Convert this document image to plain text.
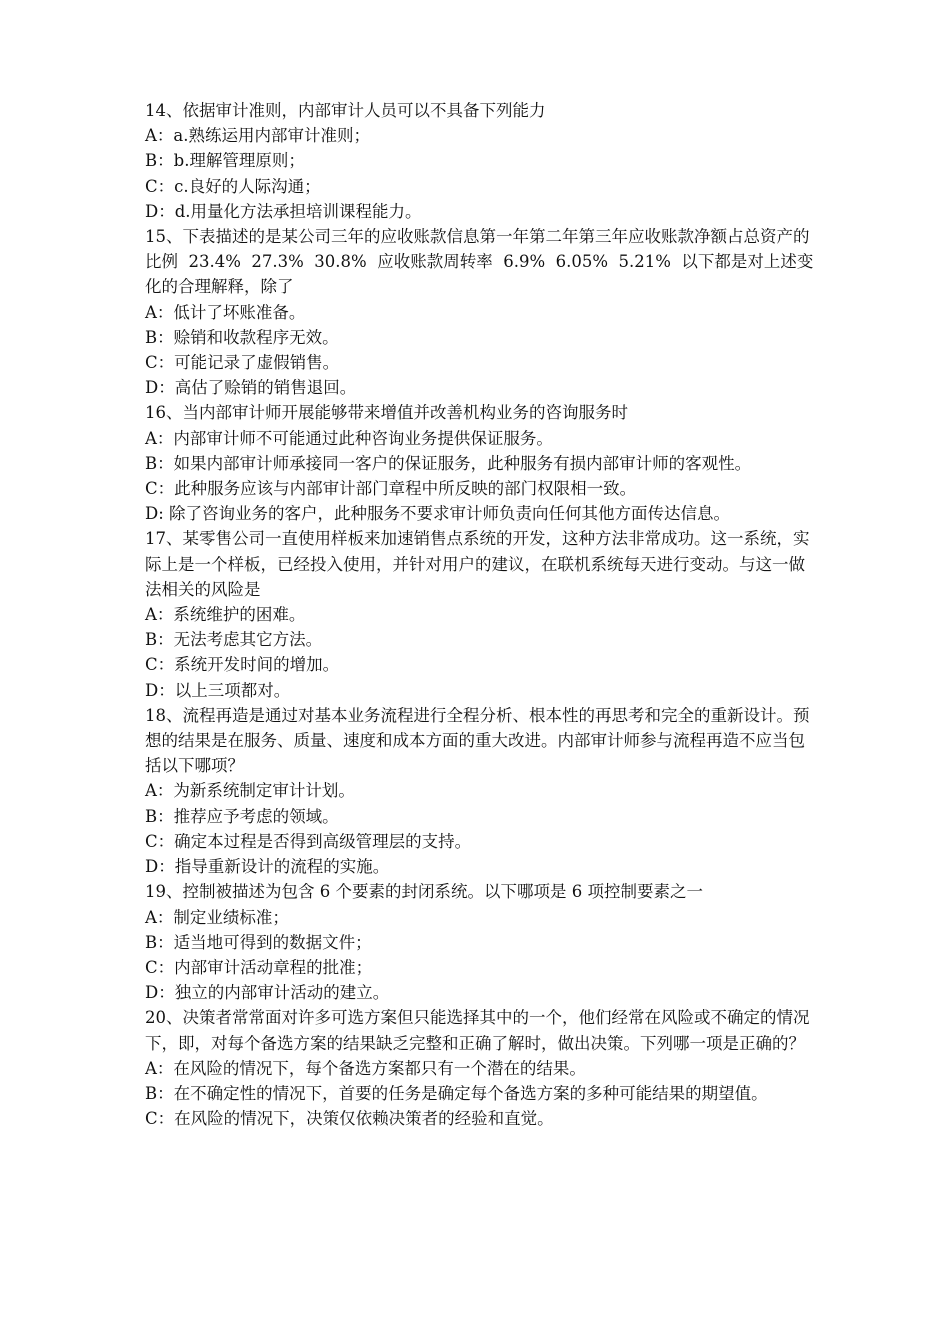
14、依据审计准则，内部审计人员可以不具备下列能力

A：a.熟练运用内部审计准则；

B：b.理解管理原则；

C：c.良好的人际沟通；

D：d.用量化方法承担培训课程能力。

15、下表描述的是某公司三年的应收账款信息第一年第二年第三年应收账款净额占总资产的比例  23.4%  27.3%  30.8%  应收账款周转率  6.9%  6.05%  5.21%  以下都是对上述变化的合理解释，除了

A：低计了坏账准备。

B：赊销和收款程序无效。

C：可能记录了虚假销售。

D：高估了赊销的销售退回。

16、当内部审计师开展能够带来增值并改善机构业务的咨询服务时

A：内部审计师不可能通过此种咨询业务提供保证服务。

B：如果内部审计师承接同一客户的保证服务，此种服务有损内部审计师的客观性。

C：此种服务应该与内部审计部门章程中所反映的部门权限相一致。

D: 除了咨询业务的客户，此种服务不要求审计师负责向任何其他方面传达信息。

17、某零售公司一直使用样板来加速销售点系统的开发，这种方法非常成功。这一系统，实际上是一个样板，已经投入使用，并针对用户的建议，在联机系统每天进行变动。与这一做法相关的风险是

A：系统维护的困难。

B：无法考虑其它方法。

C：系统开发时间的增加。

D：以上三项都对。

18、流程再造是通过对基本业务流程进行全程分析、根本性的再思考和完全的重新设计。预想的结果是在服务、质量、速度和成本方面的重大改进。内部审计师参与流程再造不应当包括以下哪项？

A：为新系统制定审计计划。

B：推荐应予考虑的领域。

C：确定本过程是否得到高级管理层的支持。

D：指导重新设计的流程的实施。

19、控制被描述为包含 6 个要素的封闭系统。以下哪项是 6 项控制要素之一

A：制定业绩标准；

B：适当地可得到的数据文件；

C：内部审计活动章程的批准；

D：独立的内部审计活动的建立。

20、决策者常常面对许多可选方案但只能选择其中的一个，他们经常在风险或不确定的情况下，即，对每个备选方案的结果缺乏完整和正确了解时，做出决策。下列哪一项是正确的？

A：在风险的情况下，每个备选方案都只有一个潜在的结果。

B：在不确定性的情况下，首要的任务是确定每个备选方案的多种可能结果的期望值。

C：在风险的情况下，决策仅依赖决策者的经验和直觉。
